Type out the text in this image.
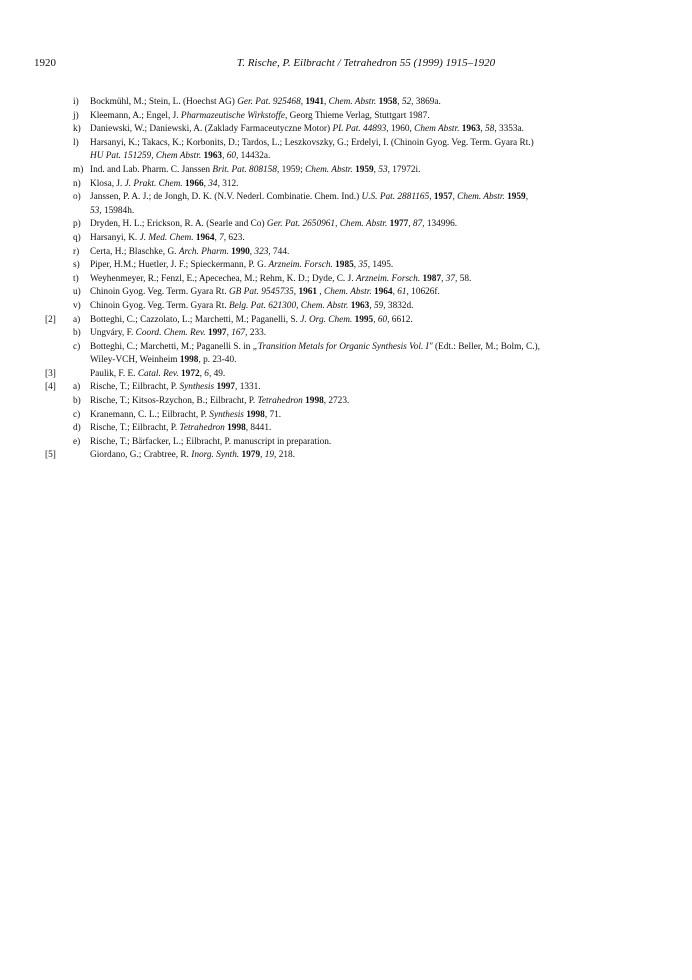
1920	T. Rische, P. Eilbracht / Tetrahedron 55 (1999) 1915–1920
i) Bockmühl, M.; Stein, L. (Hoechst AG) Ger. Pat. 925468, 1941, Chem. Abstr. 1958, 52, 3869a.
j) Kleemann, A.; Engel, J. Pharmazeutische Wirkstoffe, Georg Thieme Verlag, Stuttgart 1987.
k) Daniewski, W.; Daniewski, A. (Zaklady Farmaceutyczne Motor) PL Pat. 44893, 1960, Chem Abstr. 1963, 58, 3353a.
l) Harsanyi, K.; Takacs, K.; Korbonits, D.; Tardos, L.; Leszkovszky, G.; Erdelyi, I. (Chinoin Gyog. Veg. Term. Gyara Rt.)
HU Pat. 151259, Chem Abstr. 1963, 60, 14432a.
m) Ind. and Lab. Pharm. C. Janssen Brit. Pat. 808158, 1959; Chem. Abstr. 1959, 53, 17972i.
n) Klosa, J. J. Prakt. Chem. 1966, 34, 312.
o) Janssen, P. A. J.; de Jongh, D. K. (N.V. Nederl. Combinatie. Chem. Ind.) U.S. Pat. 2881165, 1957, Chem. Abstr. 1959,
53, 15984h.
p) Dryden, H. L.; Erickson, R. A. (Searle and Co) Ger. Pat. 2650961, Chem. Abstr. 1977, 87, 134996.
q) Harsanyi, K. J. Med. Chem. 1964, 7, 623.
r) Certa, H.; Blaschke, G. Arch. Pharm. 1990, 323, 744.
s) Piper, H.M.; Huetler, J. F.; Spieckermann, P. G. Arzneim. Forsch. 1985, 35, 1495.
t) Weyhenmeyer, R.; Fenzl, E.; Apecechea, M.; Rehm, K. D.; Dyde, C. J. Arzneim. Forsch. 1987, 37, 58.
u) Chinoin Gyog. Veg. Term. Gyara Rt. GB Pat. 9545735, 1961 , Chem. Abstr. 1964, 61, 10626f.
v) Chinoin Gyog. Veg. Term. Gyara Rt. Belg. Pat. 621300, Chem. Abstr. 1963, 59, 3832d.
[2] a) Botteghi, C.; Cazzolato, L.; Marchetti, M.; Paganelli, S. J. Org. Chem. 1995, 60, 6612.
b) Ungváry, F. Coord. Chem. Rev. 1997, 167, 233.
c) Botteghi, C.; Marchetti, M.; Paganelli S. in „Transition Metals for Organic Synthesis Vol. I" (Edt.: Beller, M.; Bolm, C.),
Wiley-VCH, Weinheim 1998, p. 23-40.
[3]	Paulik, F. E. Catal. Rev. 1972, 6, 49.
[4] a) Rische, T.; Eilbracht, P. Synthesis 1997, 1331.
b) Rische, T.; Kitsos-Rzychon, B.; Eilbracht, P. Tetrahedron 1998, 2723.
c) Kranemann, C. L.; Eilbracht, P. Synthesis 1998, 71.
d) Rische, T.; Eilbracht, P. Tetrahedron 1998, 8441.
e) Rische, T.; Bärfacker, L.; Eilbracht, P. manuscript in preparation.
[5]	Giordano, G.; Crabtree, R. Inorg. Synth. 1979, 19, 218.
